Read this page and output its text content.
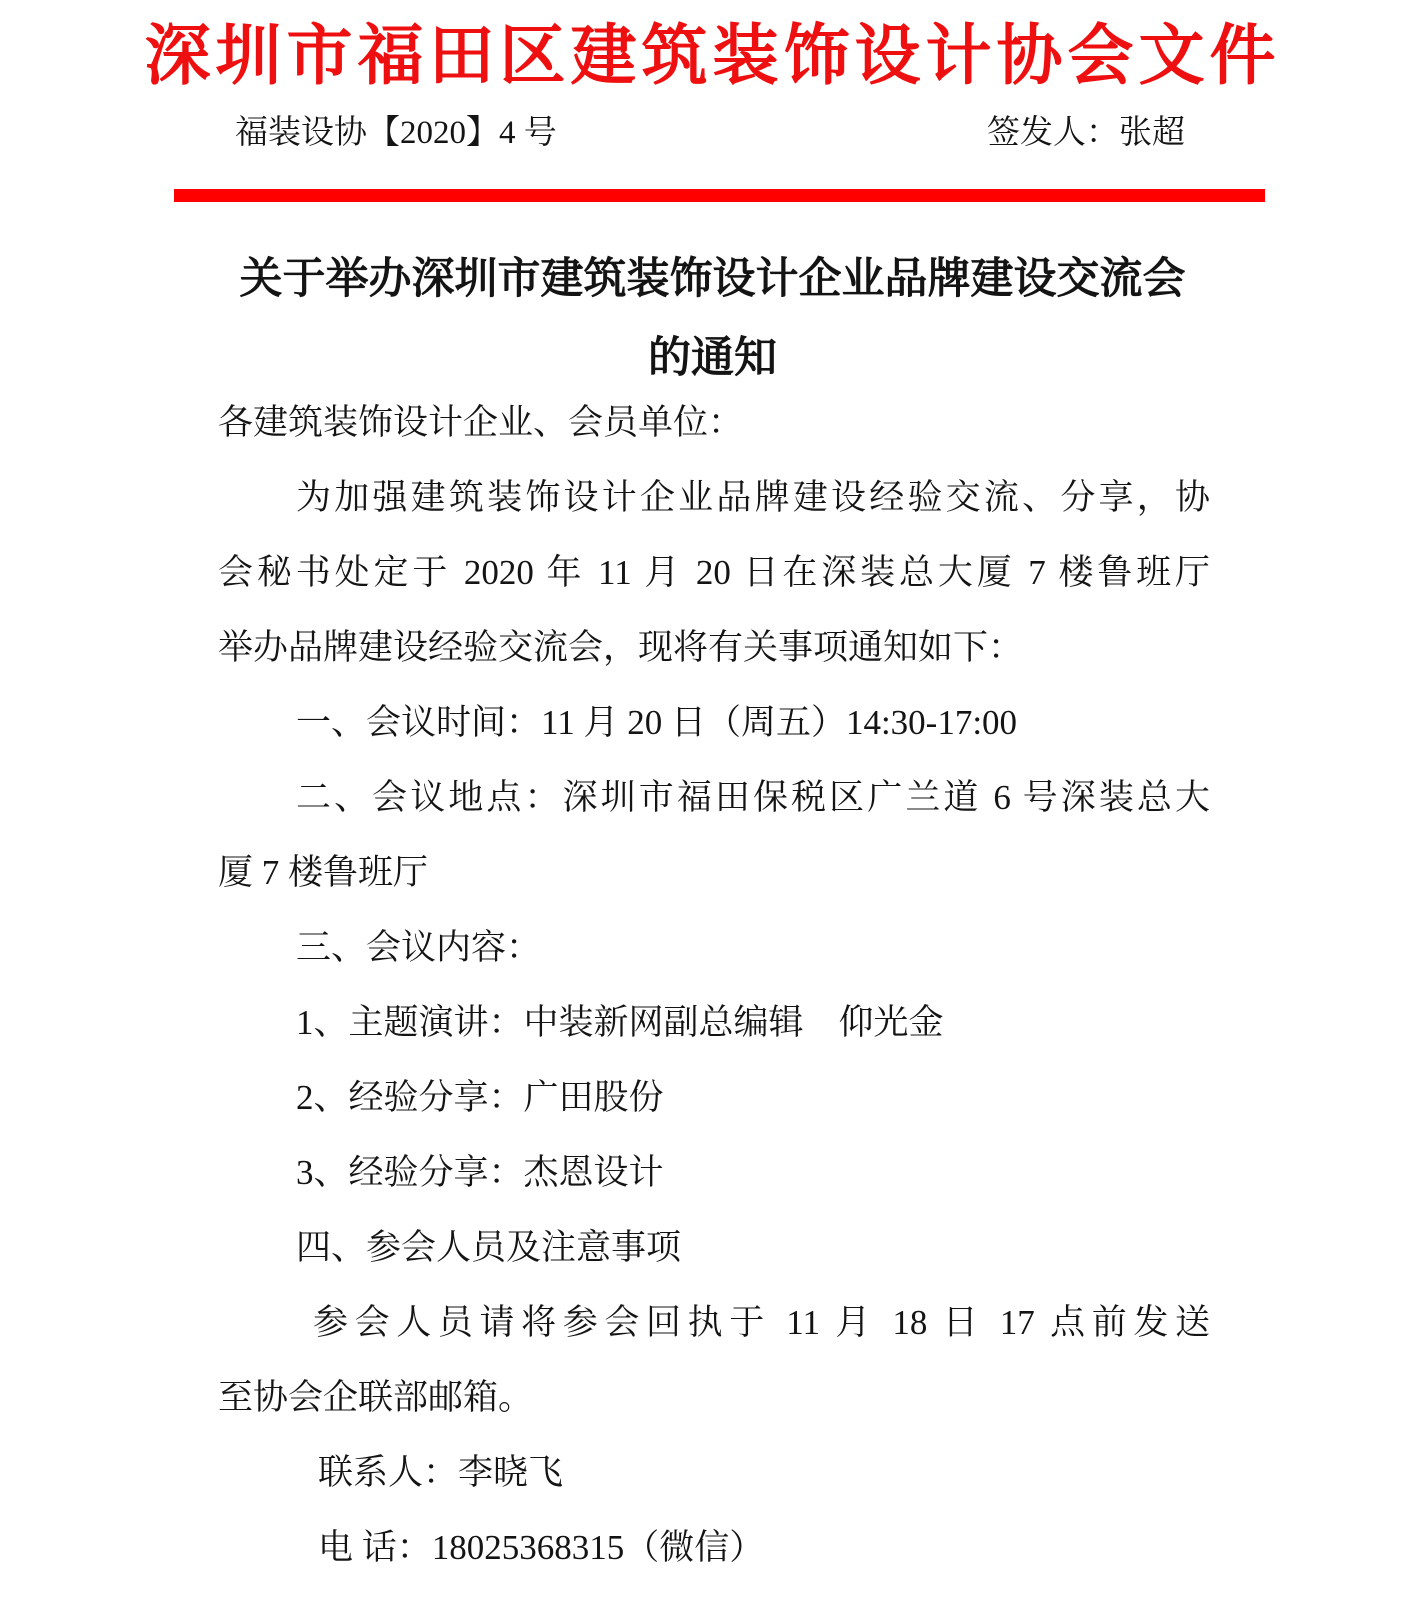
深圳市福田区建筑装饰设计协会文件
福装设协【2020】4 号	签发人：张超
关于举办深圳市建筑装饰设计企业品牌建设交流会
的通知
各建筑装饰设计企业、会员单位：
为加强建筑装饰设计企业品牌建设经验交流、分享，协
会秘书处定于 2020 年 11 月 20 日在深装总大厦 7 楼鲁班厅
举办品牌建设经验交流会，现将有关事项通知如下：
一、会议时间：11 月 20 日（周五）14:30-17:00
二、会议地点：深圳市福田保税区广兰道 6 号深装总大
厦 7 楼鲁班厅
三、会议内容：
1、主题演讲：中装新网副总编辑　仰光金
2、经验分享：广田股份
3、经验分享：杰恩设计
四、参会人员及注意事项
参会人员请将参会回执于 11 月 18 日 17 点前发送
至协会企联部邮箱。
联系人：李晓飞
电 话：18025368315（微信）
